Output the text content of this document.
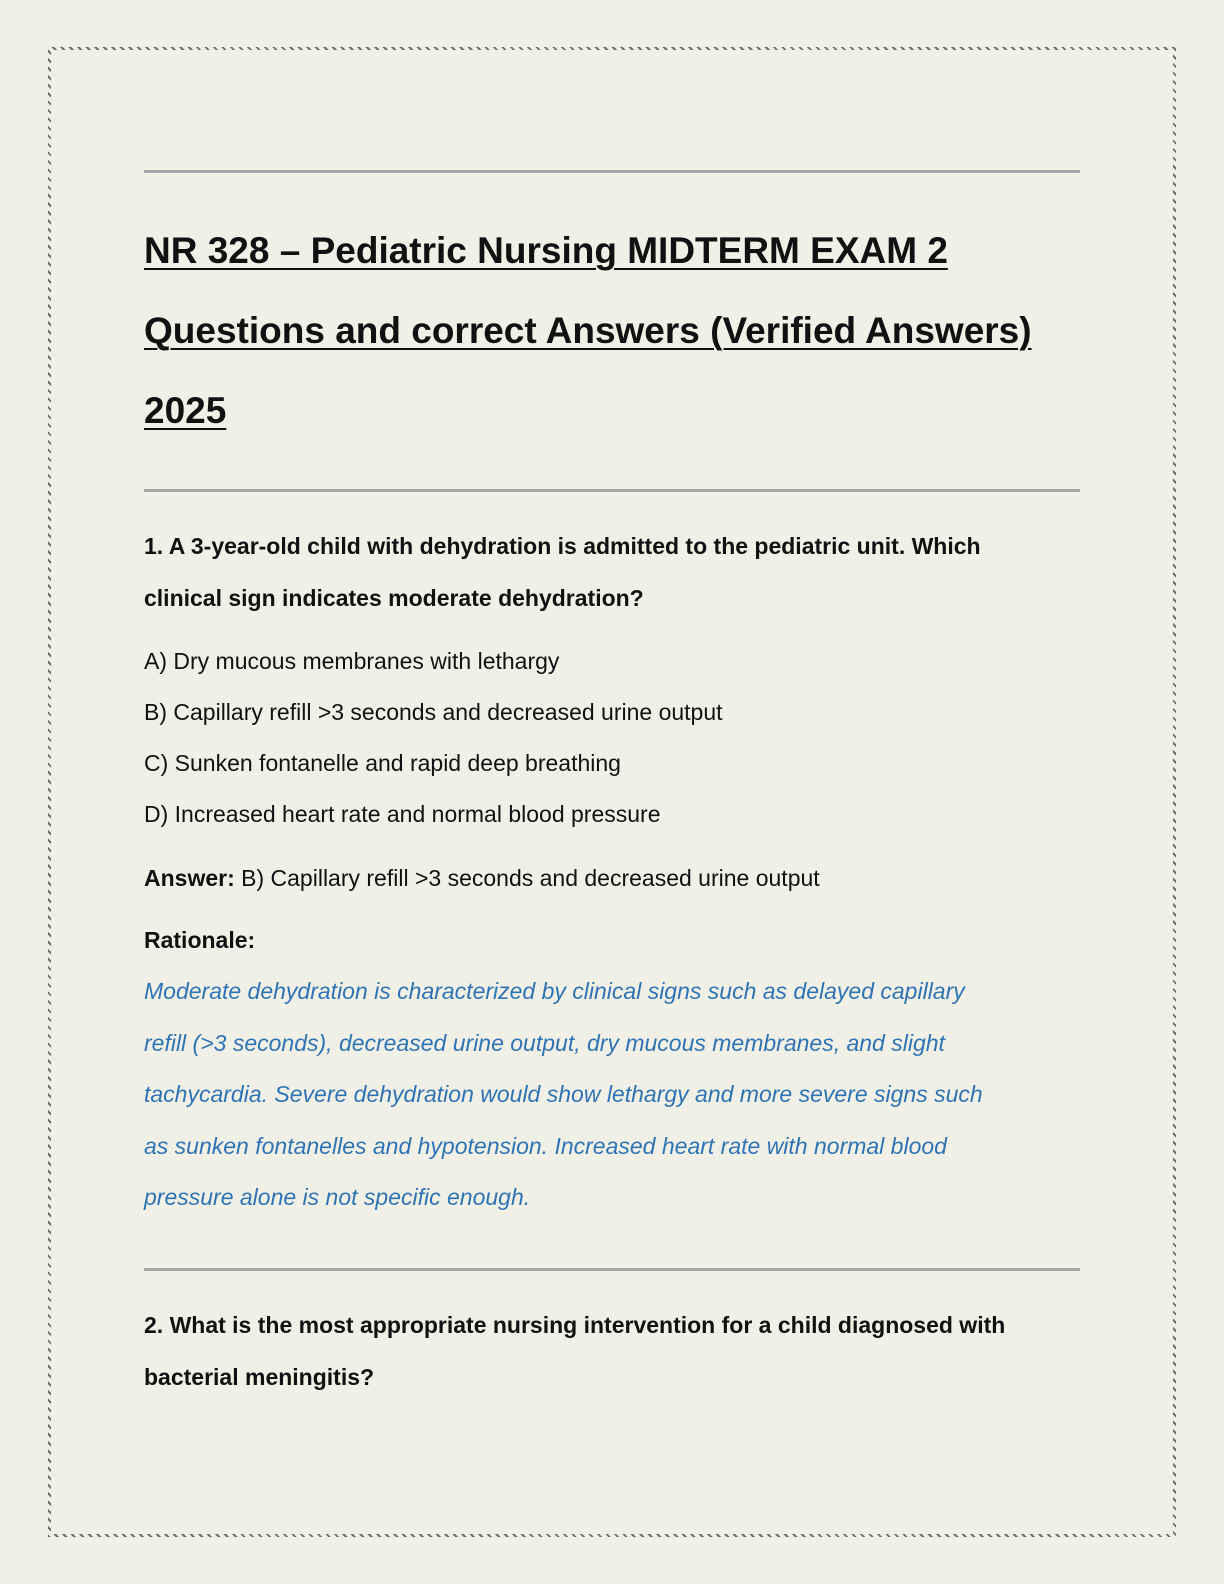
NR 328 – Pediatric Nursing MIDTERM EXAM 2
Questions and correct Answers (Verified Answers)
2025
1. A 3-year-old child with dehydration is admitted to the pediatric unit. Which
clinical sign indicates moderate dehydration?
A) Dry mucous membranes with lethargy
B) Capillary refill >3 seconds and decreased urine output
C) Sunken fontanelle and rapid deep breathing
D) Increased heart rate and normal blood pressure
Answer: B) Capillary refill >3 seconds and decreased urine output
Rationale:
Moderate dehydration is characterized by clinical signs such as delayed capillary
refill (>3 seconds), decreased urine output, dry mucous membranes, and slight
tachycardia. Severe dehydration would show lethargy and more severe signs such
as sunken fontanelles and hypotension. Increased heart rate with normal blood
pressure alone is not specific enough.
2. What is the most appropriate nursing intervention for a child diagnosed with
bacterial meningitis?
